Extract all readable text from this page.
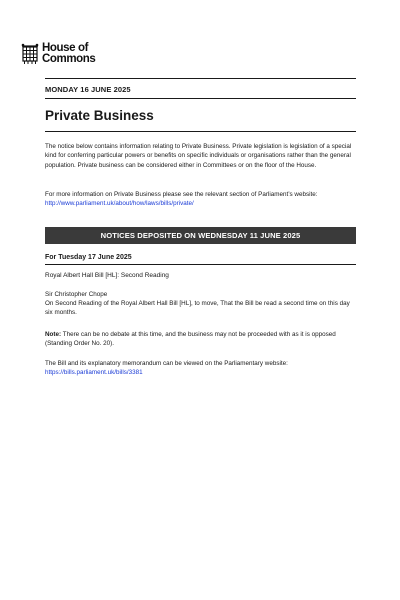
House of
Commons
MONDAY 16 JUNE 2025
Private Business
The notice below contains information relating to Private Business. Private legislation is legislation of a special kind for conferring particular powers or benefits on specific individuals or organisations rather than the general population. Private business can be considered either in Committees or on the floor of the House.
For more information on Private Business please see the relevant section of Parliament’s website: http://www.parliament.uk/about/how/laws/bills/private/
NOTICES DEPOSITED ON WEDNESDAY 11 JUNE 2025
For Tuesday 17 June 2025
Royal Albert Hall Bill [HL]: Second Reading
Sir Christopher Chope
On Second Reading of the Royal Albert Hall Bill [HL], to move, That the Bill be read a second time on this day six months.
Note: There can be no debate at this time, and the business may not be proceeded with as it is opposed (Standing Order No. 20).
The Bill and its explanatory memorandum can be viewed on the Parliamentary website:
https://bills.parliament.uk/bills/3381
